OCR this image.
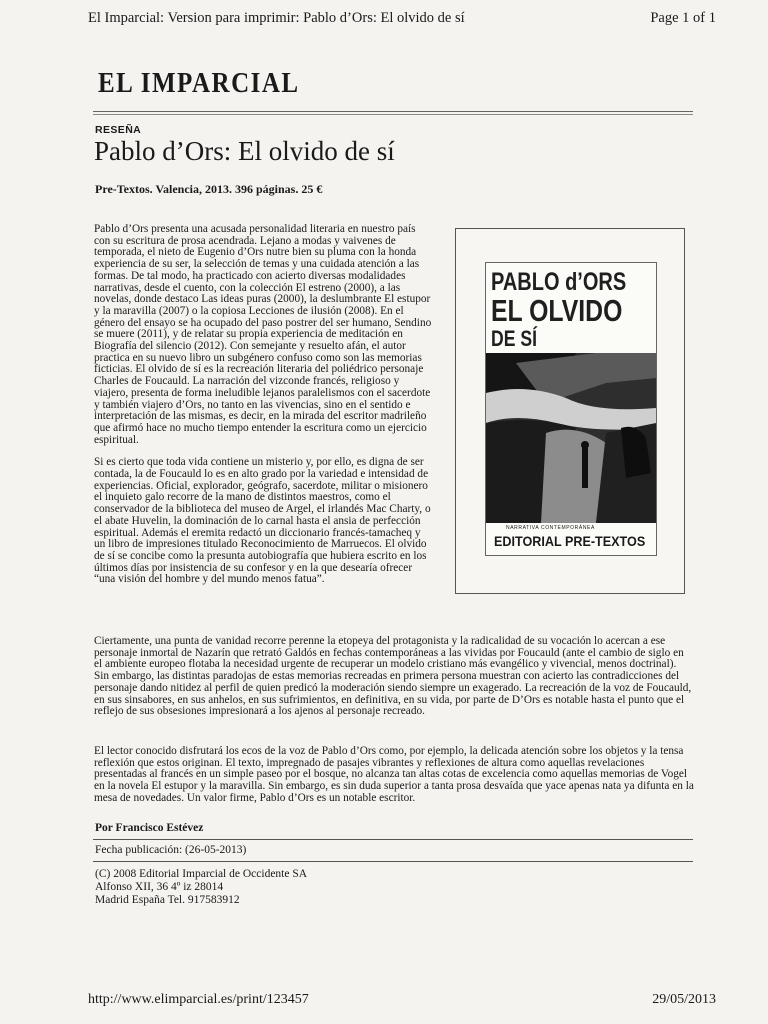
El Imparcial: Version para imprimir: Pablo d’Ors: El olvido de sí	Page 1 of 1
EL IMPARCIAL
RESEÑA
Pablo d’Ors: El olvido de sí
Pre-Textos. Valencia, 2013. 396 páginas. 25 €

Pablo d’Ors presenta una acusada personalidad literaria en nuestro país con su escritura de prosa acendrada. Lejano a modas y vaivenes de temporada, el nieto de Eugenio d’Ors nutre bien su pluma con la honda experiencia de su ser, la selección de temas y una cuidada atención a las formas. De tal modo, ha practicado con acierto diversas modalidades narrativas, desde el cuento, con la colección El estreno (2000), a las novelas, donde destaco Las ideas puras (2000), la deslumbrante El estupor y la maravilla (2007) o la copiosa Lecciones de ilusión (2008). En el género del ensayo se ha ocupado del paso postrer del ser humano, Sendino se muere (2011), y de relatar su propia experiencia de meditación en Biografía del silencio (2012). Con semejante y resuelto afán, el autor practica en su nuevo libro un subgénero confuso como son las memorias ficticias. El olvido de sí es la recreación literaria del poliédrico personaje Charles de Foucauld. La narración del vizconde francés, religioso y viajero, presenta de forma ineludible lejanos paralelismos con el sacerdote y también viajero d’Ors, no tanto en las vivencias, sino en el sentido e interpretación de las mismas, es decir, en la mirada del escritor madrileño que afirmó hace no mucho tiempo entender la escritura como un ejercicio espiritual.

Si es cierto que toda vida contiene un misterio y, por ello, es digna de ser contada, la de Foucauld lo es en alto grado por la variedad e intensidad de experiencias. Oficial, explorador, geógrafo, sacerdote, militar o misionero el inquieto galo recorre de la mano de distintos maestros, como el conservador de la biblioteca del museo de Argel, el irlandés Mac Charty, o el abate Huvelin, la dominación de lo carnal hasta el ansia de perfección espiritual. Además el eremita redactó un diccionario francés-tamacheq y un libro de impresiones titulado Reconocimiento de Marruecos. El olvido de sí se concibe como la presunta autobiografía que hubiera escrito en los últimos días por insistencia de su confesor y en la que desearía ofrecer “una visión del hombre y del mundo menos fatua”.

Ciertamente, una punta de vanidad recorre perenne la etopeya del protagonista y la radicalidad de su vocación lo acercan a ese personaje inmortal de Nazarín que retrató Galdós en fechas contemporáneas a las vividas por Foucauld (ante el cambio de siglo en el ambiente europeo flotaba la necesidad urgente de recuperar un modelo cristiano más evangélico y vivencial, menos doctrinal). Sin embargo, las distintas paradojas de estas memorias recreadas en primera persona muestran con acierto las contradicciones del personaje dando nitidez al perfil de quien predicó la moderación siendo siempre un exagerado. La recreación de la voz de Foucauld, en sus sinsabores, en sus anhelos, en sus sufrimientos, en definitiva, en su vida, por parte de D’Ors es notable hasta el punto que el reflejo de sus obsesiones impresionará a los ajenos al personaje recreado.

El lector conocido disfrutará los ecos de la voz de Pablo d’Ors como, por ejemplo, la delicada atención sobre los objetos y la tensa reflexión que estos originan. El texto, impregnado de pasajes vibrantes y reflexiones de altura como aquellas revelaciones presentadas al francés en un simple paseo por el bosque, no alcanza tan altas cotas de excelencia como aquellas memorias de Vogel en la novela El estupor y la maravilla. Sin embargo, es sin duda superior a tanta prosa desvaída que yace apenas nata ya difunta en la mesa de novedades. Un valor firme, Pablo d’Ors es un notable escritor.

Por Francisco Estévez
Fecha publicación: (26-05-2013)
(C) 2008 Editorial Imparcial de Occidente SA
Alfonso XII, 36 4º iz 28014
Madrid España Tel. 917583912
PABLO d’ORS
EL OLVIDO
DE SÍ
NARRATIVA CONTEMPORÁNEA
EDITORIAL PRE-TEXTOS
http://www.elimparcial.es/print/123457	29/05/2013
